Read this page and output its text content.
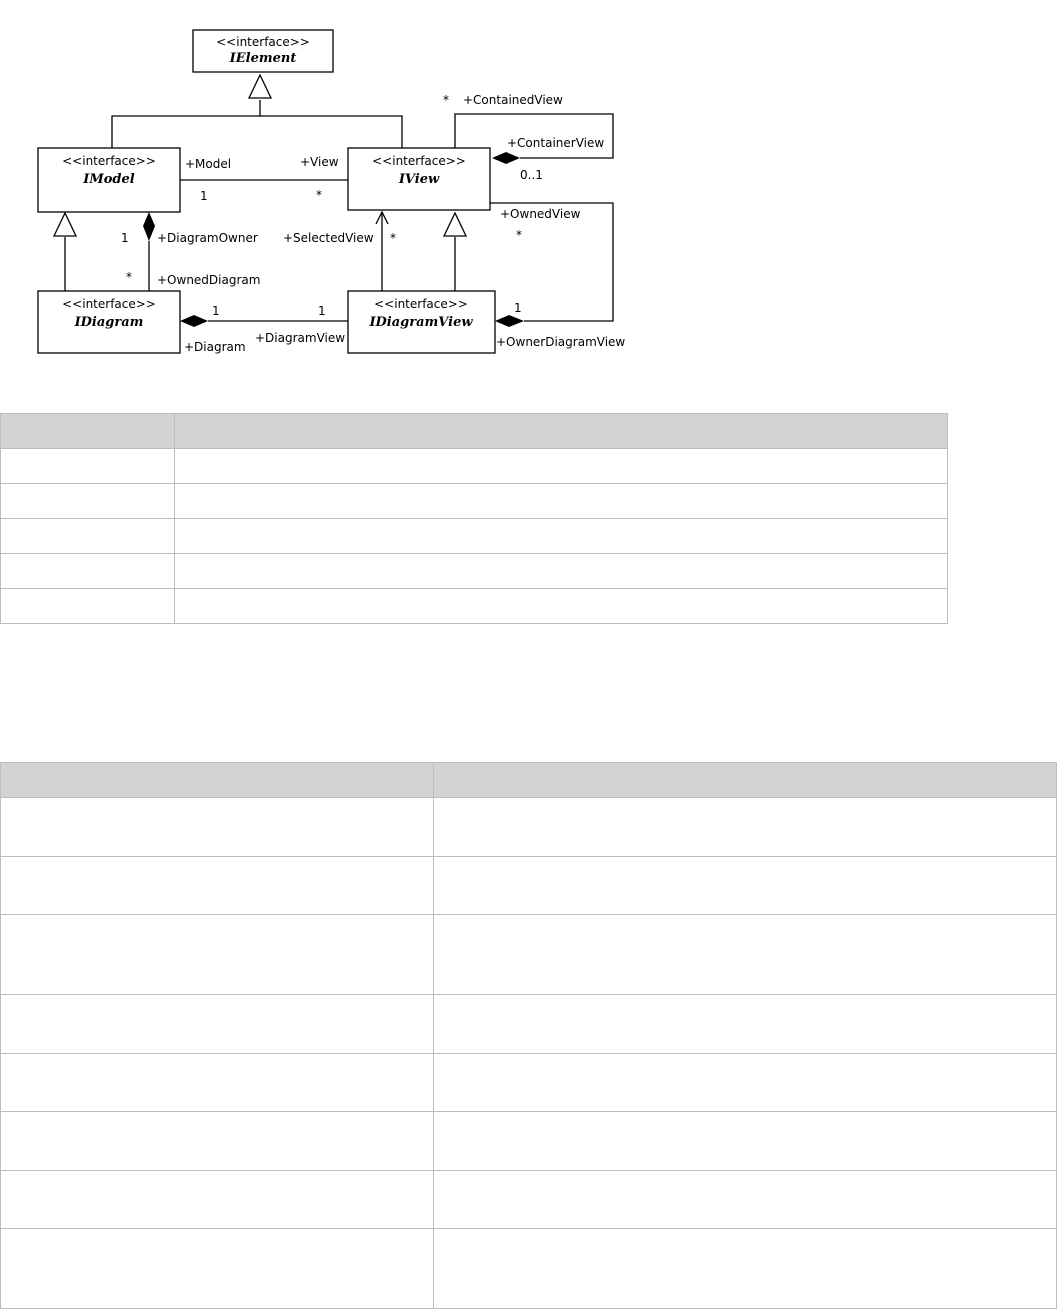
<<interface>>
IElement
<<interface>>
IModel
<<interface>>
IView
<<interface>>
IDiagram
<<interface>>
IDiagramView
* +ContainedView
+ContainerView
0..1
+Model
1
+View
*
+OwnedView
*
1 +DiagramOwner
* +OwnedDiagram
+SelectedView *
1	1
+Diagram
+DiagramView
1
+OwnerDiagramView
